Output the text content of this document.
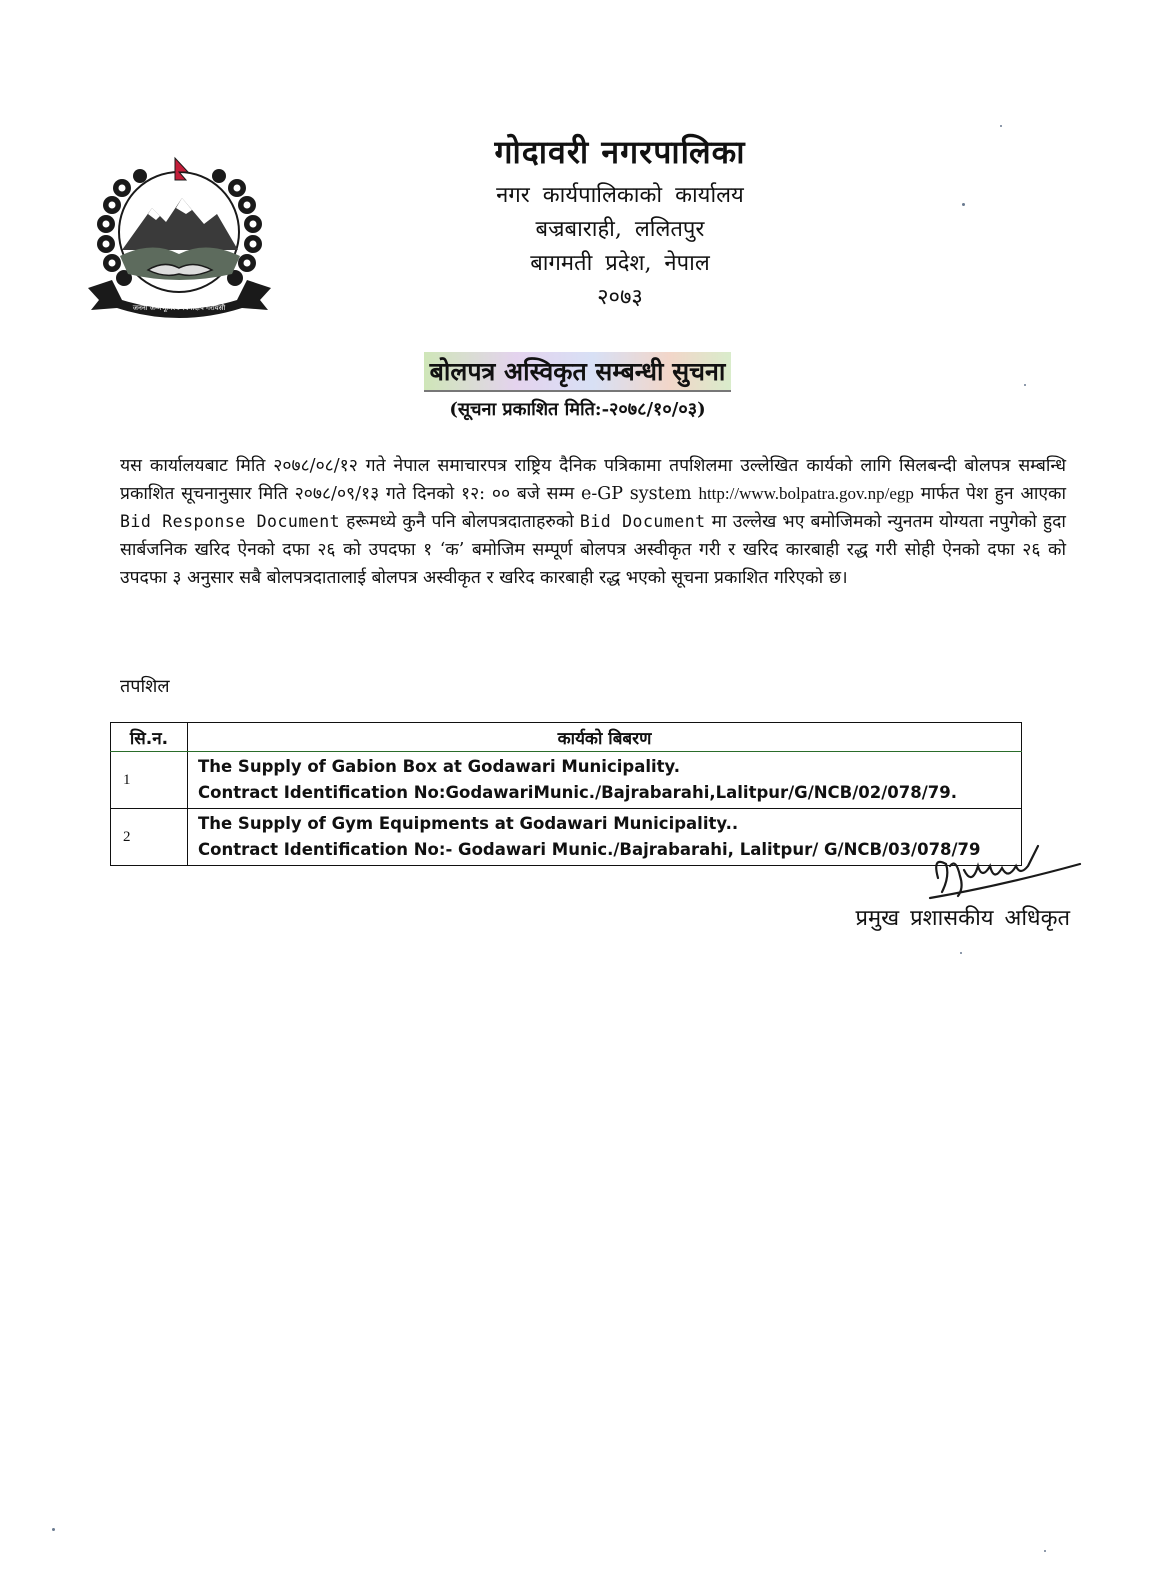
जननी जन्मभूमिश्च स्वर्गादपि गरीयसी

गोदावरी नगरपालिका

नगर कार्यपालिकाको कार्यालय

बज्रबाराही, ललितपुर

बागमती प्रदेश, नेपाल

२०७३

बोलपत्र अस्विकृत सम्बन्धी सुचना
(सूचना प्रकाशित मिति:-२०७८/१०/०३)

यस कार्यालयबाट मिति २०७८/०८/१२ गते नेपाल समाचारपत्र राष्ट्रिय दैनिक पत्रिकामा तपशिलमा उल्लेखित कार्यको लागि सिलबन्दी बोलपत्र सम्बन्धि प्रकाशित सूचनानुसार मिति २०७८/०९/१३ गते दिनको १२: ०० बजे सम्म e-GP system http://www.bolpatra.gov.np/egp मार्फत पेश हुन आएका Bid Response Document हरूमध्ये कुनै पनि बोलपत्रदाताहरुको Bid Document मा उल्लेख भए बमोजिमको न्युनतम योग्यता नपुगेको हुदा सार्बजनिक खरिद ऐनको दफा २६ को उपदफा १ ‘क’ बमोजिम सम्पूर्ण बोलपत्र अस्वीकृत गरी र खरिद कारबाही रद्ध गरी सोही ऐनको दफा २६ को उपदफा ३ अनुसार सबै बोलपत्रदातालाई बोलपत्र अस्वीकृत र खरिद कारबाही रद्ध भएको सूचना प्रकाशित गरिएको छ।

तपशिल

सि.न.	कार्यको बिबरण
1	The Supply of Gabion Box at Godawari Municipality.
Contract Identification No:GodawariMunic./Bajrabarahi,Lalitpur/G/NCB/02/078/79.

2	The Supply of Gym Equipments at Godawari Municipality..
Contract Identification No:- Godawari Munic./Bajrabarahi, Lalitpur/ G/NCB/03/078/79

प्रमुख प्रशासकीय अधिकृत
